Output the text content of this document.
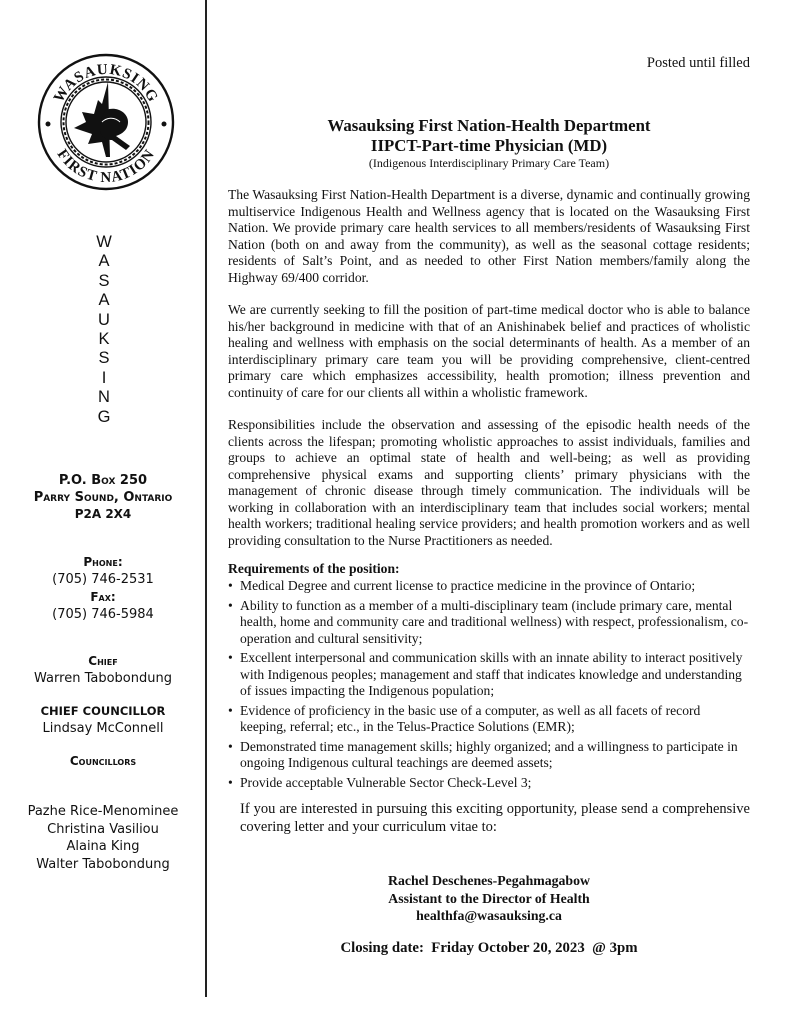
WASAUKSING
FIRST NATION
W
A
S
A
U
K
S
I
N
G
P.O. Box 250
Parry Sound, Ontario
P2A 2X4
Phone:
(705) 746-2531
Fax:
(705) 746-5984
Chief
Warren Tabobondung
CHIEF COUNCILLOR
Lindsay McConnell
Councillors
Pazhe Rice-Menominee
Christina Vasiliou
Alaina King
Walter Tabobondung
Posted until filled
Wasauksing First Nation-Health Department
IIPCT-Part-time Physician (MD)
(Indigenous Interdisciplinary Primary Care Team)
The Wasauksing First Nation-Health Department is a diverse, dynamic and continually growing multiservice Indigenous Health and Wellness agency that is located on the Wasauksing First Nation. We provide primary care health services to all members/residents of Wasauksing First Nation (both on and away from the community), as well as the seasonal cottage residents; residents of Salt’s Point, and as needed to other First Nation members/family along the Highway 69/400 corridor.
We are currently seeking to fill the position of part-time medical doctor who is able to balance his/her background in medicine with that of an Anishinabek belief and practices of wholistic healing and wellness with emphasis on the social determinants of health. As a member of an interdisciplinary primary care team you will be providing comprehensive, client-centred primary care which emphasizes accessibility, health promotion; illness prevention and continuity of care for our clients all within a wholistic framework.
Responsibilities include the observation and assessing of the episodic health needs of the clients across the lifespan; promoting wholistic approaches to assist individuals, families and groups to achieve an optimal state of health and well-being; as well as providing comprehensive physical exams and supporting clients’ primary physicians with the management of chronic disease through timely communication. The individuals will be working in collaboration with an interdisciplinary team that includes social workers; mental health workers; traditional healing service providers; and health promotion workers and as well providing consultation to the Nurse Practitioners as needed.
Requirements of the position:
• Medical Degree and current license to practice medicine in the province of Ontario;
• Ability to function as a member of a multi-disciplinary team (include primary care, mental health, home and community care and traditional wellness) with respect, professionalism, co-operation and cultural sensitivity;
• Excellent interpersonal and communication skills with an innate ability to interact positively with Indigenous peoples; management and staff that indicates knowledge and understanding of issues impacting the Indigenous population;
• Evidence of proficiency in the basic use of a computer, as well as all facets of record keeping, referral; etc., in the Telus-Practice Solutions (EMR);
• Demonstrated time management skills; highly organized; and a willingness to participate in ongoing Indigenous cultural teachings are deemed assets;
• Provide acceptable Vulnerable Sector Check-Level 3;
If you are interested in pursuing this exciting opportunity, please send a comprehensive covering letter and your curriculum vitae to:
Rachel Deschenes-Pegahmagabow
Assistant to the Director of Health
healthfa@wasauksing.ca
Closing date:  Friday October 20, 2023  @ 3pm
